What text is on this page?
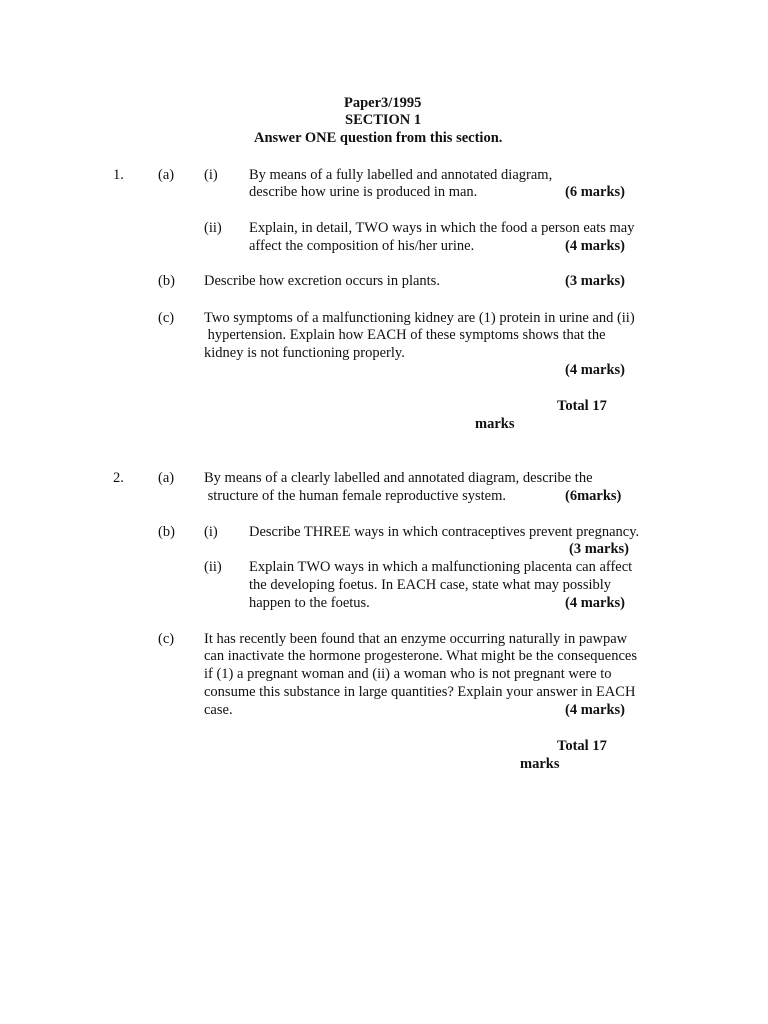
Paper3/1995
SECTION 1
Answer ONE question from this section.
1. (a) (i) By means of a fully labelled and annotated diagram,
describe how urine is produced in man.	(6 marks)
(ii) Explain, in detail, TWO ways in which the food a person eats may
affect the composition of his/her urine.	(4 marks)
(b) Describe how excretion occurs in plants.	(3 marks)
(c) Two symptoms of a malfunctioning kidney are (1) protein in urine and (ii)
hypertension. Explain how EACH of these symptoms shows that the
kidney is not functioning properly.
(4 marks)
Total 17
marks
2. (a) By means of a clearly labelled and annotated diagram, describe the
structure of the human female reproductive system.	(6marks)
(b) (i) Describe THREE ways in which contraceptives prevent pregnancy.
(3 marks)
(ii) Explain TWO ways in which a malfunctioning placenta can affect
the developing foetus. In EACH case, state what may possibly
happen to the foetus.	(4 marks)
(c) It has recently been found that an enzyme occurring naturally in pawpaw
can inactivate the hormone progesterone. What might be the consequences
if (1) a pregnant woman and (ii) a woman who is not pregnant were to
consume this substance in large quantities? Explain your answer in EACH
case.	(4 marks)
Total 17
marks
